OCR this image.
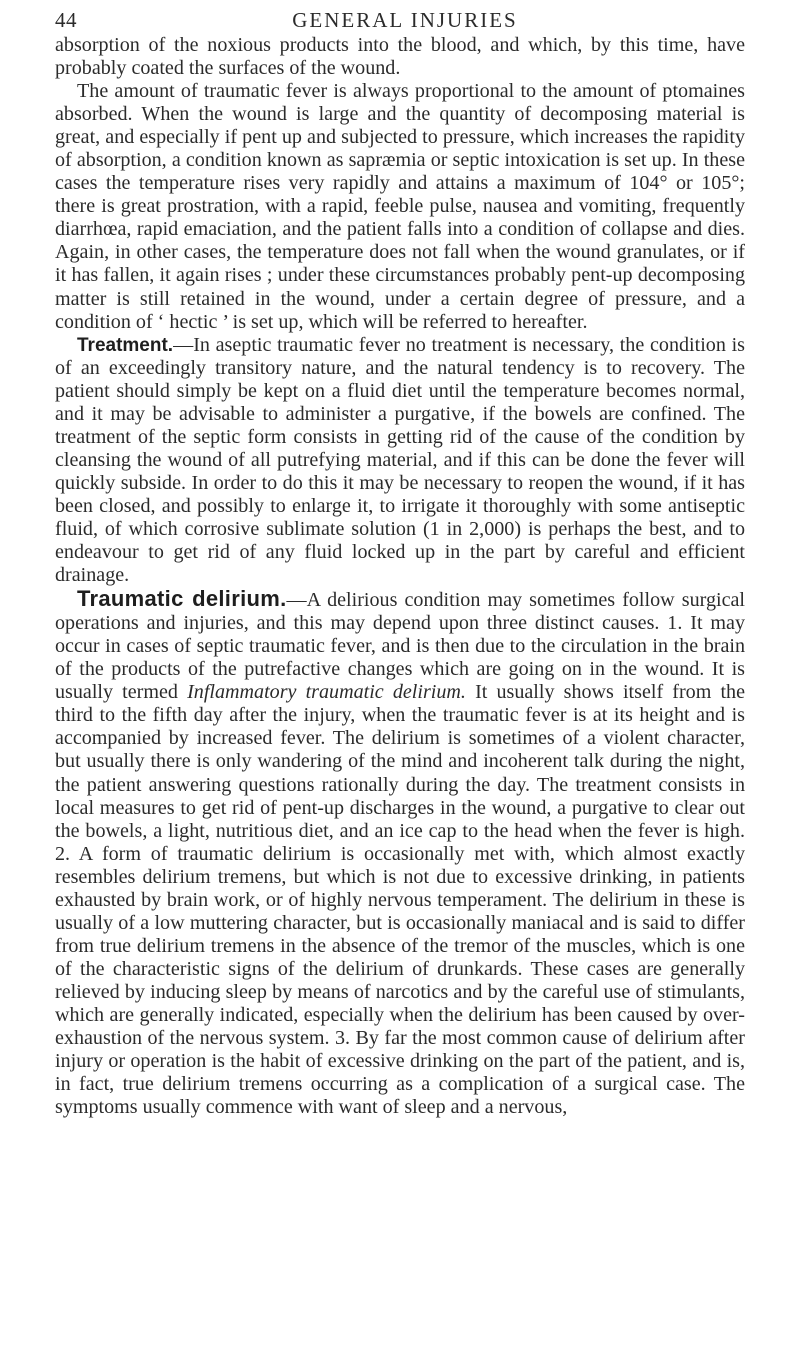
44	GENERAL INJURIES

absorption of the noxious products into the blood, and which, by this time, have probably coated the surfaces of the wound.

The amount of traumatic fever is always proportional to the amount of ptomaines absorbed. When the wound is large and the quantity of decomposing material is great, and especially if pent up and subjected to pressure, which increases the rapidity of absorption, a condition known as sapræmia or septic intoxication is set up. In these cases the temperature rises very rapidly and attains a maximum of 104° or 105°; there is great prostration, with a rapid, feeble pulse, nausea and vomiting, frequently diarrhœa, rapid emaciation, and the patient falls into a condition of collapse and dies. Again, in other cases, the temperature does not fall when the wound granulates, or if it has fallen, it again rises ; under these circumstances probably pent-up decomposing matter is still retained in the wound, under a certain degree of pressure, and a condition of ‘ hectic ’ is set up, which will be referred to hereafter.

Treatment.—In aseptic traumatic fever no treatment is necessary, the condition is of an exceedingly transitory nature, and the natural tendency is to recovery. The patient should simply be kept on a fluid diet until the temperature becomes normal, and it may be advisable to administer a purgative, if the bowels are confined. The treatment of the septic form consists in getting rid of the cause of the condition by cleansing the wound of all putrefying material, and if this can be done the fever will quickly subside. In order to do this it may be necessary to reopen the wound, if it has been closed, and possibly to enlarge it, to irrigate it thoroughly with some antiseptic fluid, of which corrosive sublimate solution (1 in 2,000) is perhaps the best, and to endeavour to get rid of any fluid locked up in the part by careful and efficient drainage.

Traumatic delirium.—A delirious condition may sometimes follow surgical operations and injuries, and this may depend upon three distinct causes. 1. It may occur in cases of septic traumatic fever, and is then due to the circulation in the brain of the products of the putrefactive changes which are going on in the wound. It is usually termed Inflammatory traumatic delirium. It usually shows itself from the third to the fifth day after the injury, when the traumatic fever is at its height and is accompanied by increased fever. The delirium is sometimes of a violent character, but usually there is only wandering of the mind and incoherent talk during the night, the patient answering questions rationally during the day. The treatment consists in local measures to get rid of pent-up discharges in the wound, a purgative to clear out the bowels, a light, nutritious diet, and an ice cap to the head when the fever is high. 2. A form of traumatic delirium is occasionally met with, which almost exactly resembles delirium tremens, but which is not due to excessive drinking, in patients exhausted by brain work, or of highly nervous temperament. The delirium in these is usually of a low muttering character, but is occasionally maniacal and is said to differ from true delirium tremens in the absence of the tremor of the muscles, which is one of the characteristic signs of the delirium of drunkards. These cases are generally relieved by inducing sleep by means of narcotics and by the careful use of stimulants, which are generally indicated, especially when the delirium has been caused by over-exhaustion of the nervous system. 3. By far the most common cause of delirium after injury or operation is the habit of excessive drinking on the part of the patient, and is, in fact, true delirium tremens occurring as a complication of a surgical case. The symptoms usually commence with want of sleep and a nervous,
